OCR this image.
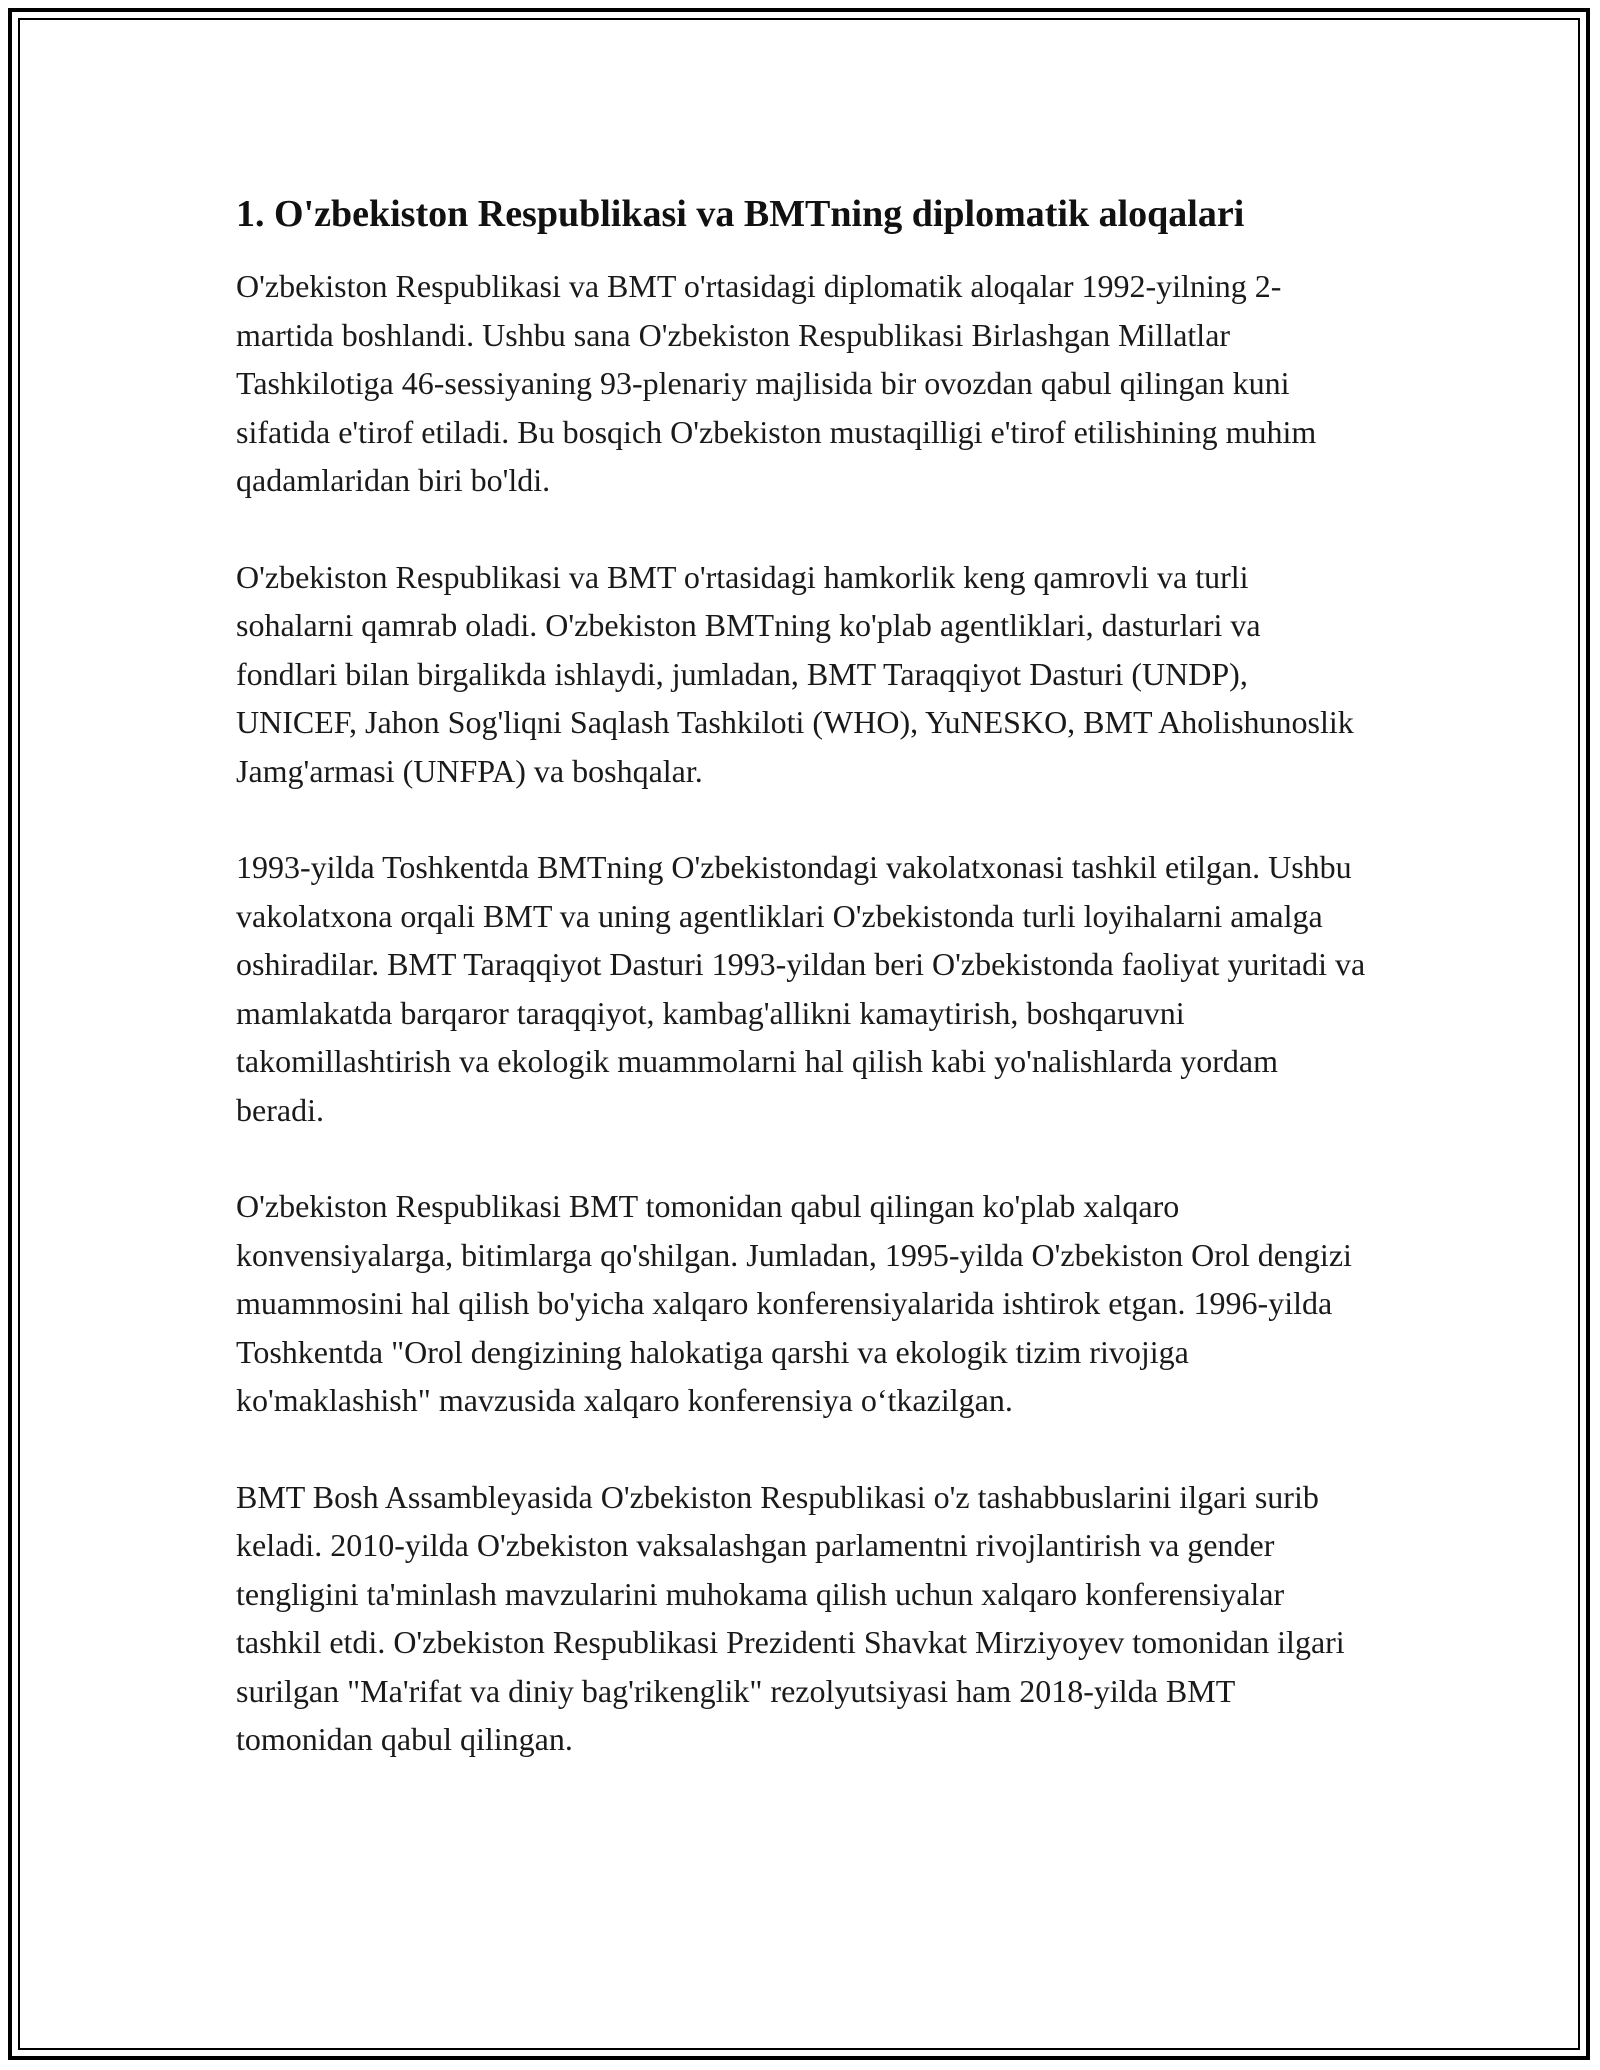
1. O'zbekiston Respublikasi va BMTning diplomatik aloqalari

O'zbekiston Respublikasi va BMT o'rtasidagi diplomatik aloqalar 1992-yilning 2-martida boshlandi. Ushbu sana O'zbekiston Respublikasi Birlashgan Millatlar Tashkilotiga 46-sessiyaning 93-plenariy majlisida bir ovozdan qabul qilingan kuni sifatida e'tirof etiladi. Bu bosqich O'zbekiston mustaqilligi e'tirof etilishining muhim qadamlaridan biri bo'ldi.

O'zbekiston Respublikasi va BMT o'rtasidagi hamkorlik keng qamrovli va turli sohalarni qamrab oladi. O'zbekiston BMTning ko'plab agentliklari, dasturlari va fondlari bilan birgalikda ishlaydi, jumladan, BMT Taraqqiyot Dasturi (UNDP), UNICEF, Jahon Sog'liqni Saqlash Tashkiloti (WHO), YuNESKO, BMT Aholishunoslik Jamg'armasi (UNFPA) va boshqalar.

1993-yilda Toshkentda BMTning O'zbekistondagi vakolatxonasi tashkil etilgan. Ushbu vakolatxona orqali BMT va uning agentliklari O'zbekistonda turli loyihalarni amalga oshiradilar. BMT Taraqqiyot Dasturi 1993-yildan beri O'zbekistonda faoliyat yuritadi va mamlakatda barqaror taraqqiyot, kambag'allikni kamaytirish, boshqaruvni takomillashtirish va ekologik muammolarni hal qilish kabi yo'nalishlarda yordam beradi.

O'zbekiston Respublikasi BMT tomonidan qabul qilingan ko'plab xalqaro konvensiyalarga, bitimlarga qo'shilgan. Jumladan, 1995-yilda O'zbekiston Orol dengizi muammosini hal qilish bo'yicha xalqaro konferensiyalarida ishtirok etgan. 1996-yilda Toshkentda "Orol dengizining halokatiga qarshi va ekologik tizim rivojiga ko'maklashish" mavzusida xalqaro konferensiya o‘tkazilgan.

BMT Bosh Assambleyasida O'zbekiston Respublikasi o'z tashabbuslarini ilgari surib keladi. 2010-yilda O'zbekiston vaksalashgan parlamentni rivojlantirish va gender tengligini ta'minlash mavzularini muhokama qilish uchun xalqaro konferensiyalar tashkil etdi. O'zbekiston Respublikasi Prezidenti Shavkat Mirziyoyev tomonidan ilgari surilgan "Ma'rifat va diniy bag'rikenglik" rezolyutsiyasi ham 2018-yilda BMT tomonidan qabul qilingan.
